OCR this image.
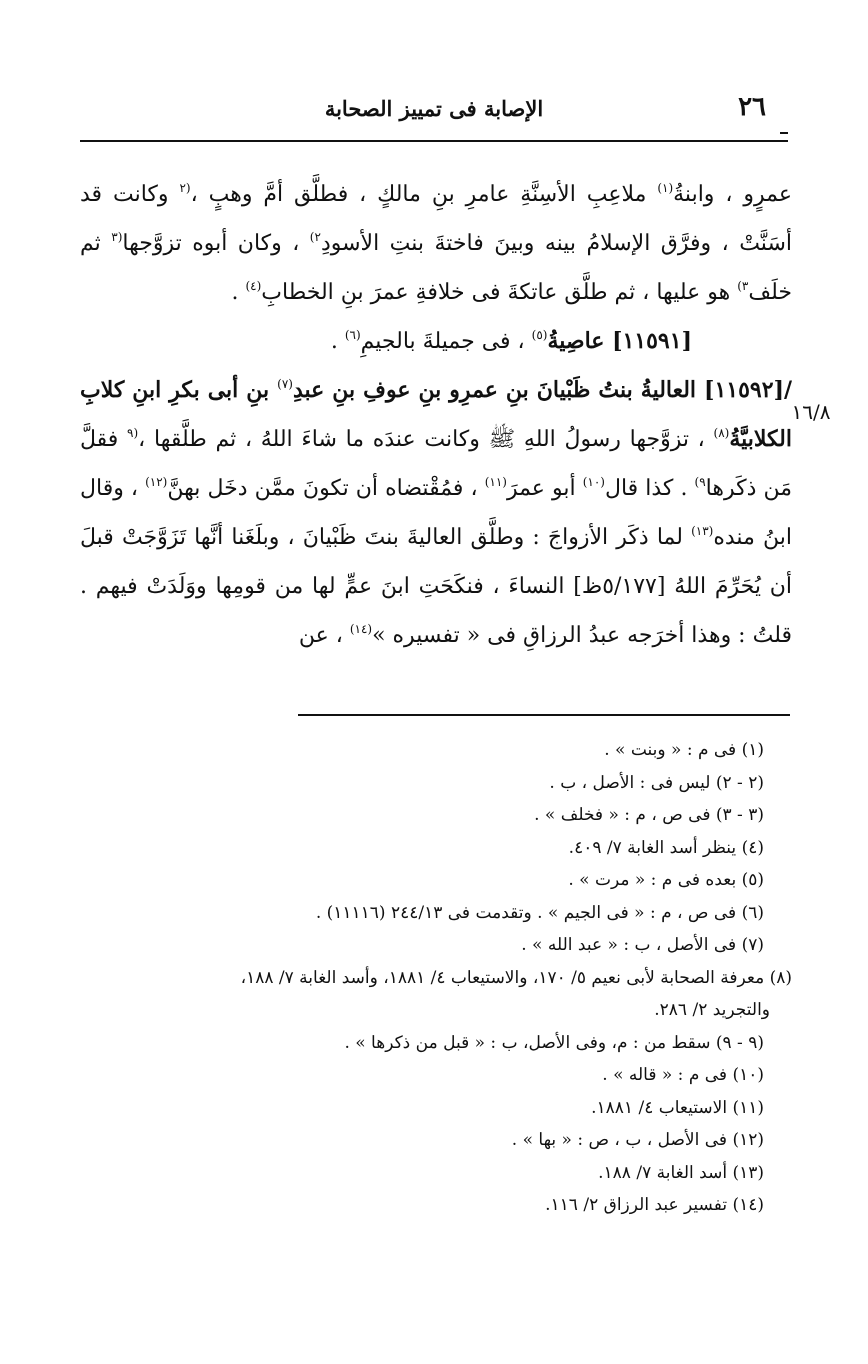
٢٦
الإصابة فى تمييز الصحابة
١٦/٨

عمرٍو ، وابنةُ$^{(١)}$ ملاعِبِ الأسِنَّةِ عامرِ بنِ مالكٍ ، فطلَّق أمَّ وهبٍ ،$^{(٢}$ وكانت قد أسَنَّتْ ، وفرَّق الإسلامُ بينه وبينَ فاختةَ بنتِ الأسودِ$^{٢)}$ ، وكان أبوه تزوَّجها$^{(٣}$ ثم خلَف$^{٣)}$ هو عليها ، ثم طلَّق عاتكةَ فى خلافةِ عمرَ بنِ الخطابِ$^{(٤)}$ .

[١١٥٩١] عاصِيةُ$^{(٥)}$ ، فى جميلةَ بالجيمِ$^{(٦)}$ .

/[١١٥٩٢] العاليةُ بنتُ ظَبْيانَ بنِ عمرِو بنِ عوفِ بنِ عبدِ$^{(٧)}$ بنِ أبى بكرِ ابنِ كلابِ الكلابيَّةُ$^{(٨)}$ ، تزوَّجها رسولُ اللهِ ﷺ وكانت عندَه ما شاءَ اللهُ ، ثم طلَّقها ،$^{(٩}$ فقلَّ مَن ذكَرها$^{٩)}$ . كذا قال$^{(١٠)}$ أبو عمرَ$^{(١١)}$ ، فمُقْتضاه أن تكونَ ممَّن دخَل بهنَّ$^{(١٢)}$ ، وقال ابنُ منده$^{(١٣)}$ لما ذكَر الأزواجَ : وطلَّق العاليةَ بنتَ ظَبْيانَ ، وبلَغَنا أنَّها تَزَوَّجَتْ قبلَ أن يُحَرِّمَ اللهُ [٥/١٧٧ظ] النساءَ ، فنكَحَتِ ابنَ عمٍّ لها من قومِها ووَلَدَتْ فيهم . قلتُ : وهذا أخرَجه عبدُ الرزاقِ فى « تفسيره »$^{(١٤)}$ ، عن

(١) فى م : « وبنت » .

(٢ - ٢) ليس فى : الأصل ، ب .

(٣ - ٣) فى ص ، م : « فخلف » .

(٤) ينظر أسد الغابة ٧/ ٤٠٩.

(٥) بعده فى م : « مرت » .

(٦) فى ص ، م : « فى الجيم » . وتقدمت فى ٢٤٤/١٣ (١١١١٦) .

(٧) فى الأصل ، ب : « عبد الله » .

(٨) معرفة الصحابة لأبى نعيم ٥/ ١٧٠، والاستيعاب ٤/ ١٨٨١، وأسد الغابة ٧/ ١٨٨،
والتجريد ٢/ ٢٨٦.

(٩ - ٩) سقط من : م، وفى الأصل، ب : « قبل من ذكرها » .

(١٠) فى م : « قاله » .

(١١) الاستيعاب ٤/ ١٨٨١.

(١٢) فى الأصل ، ب ، ص : « بها » .

(١٣) أسد الغابة ٧/ ١٨٨.

(١٤) تفسير عبد الرزاق ٢/ ١١٦.
